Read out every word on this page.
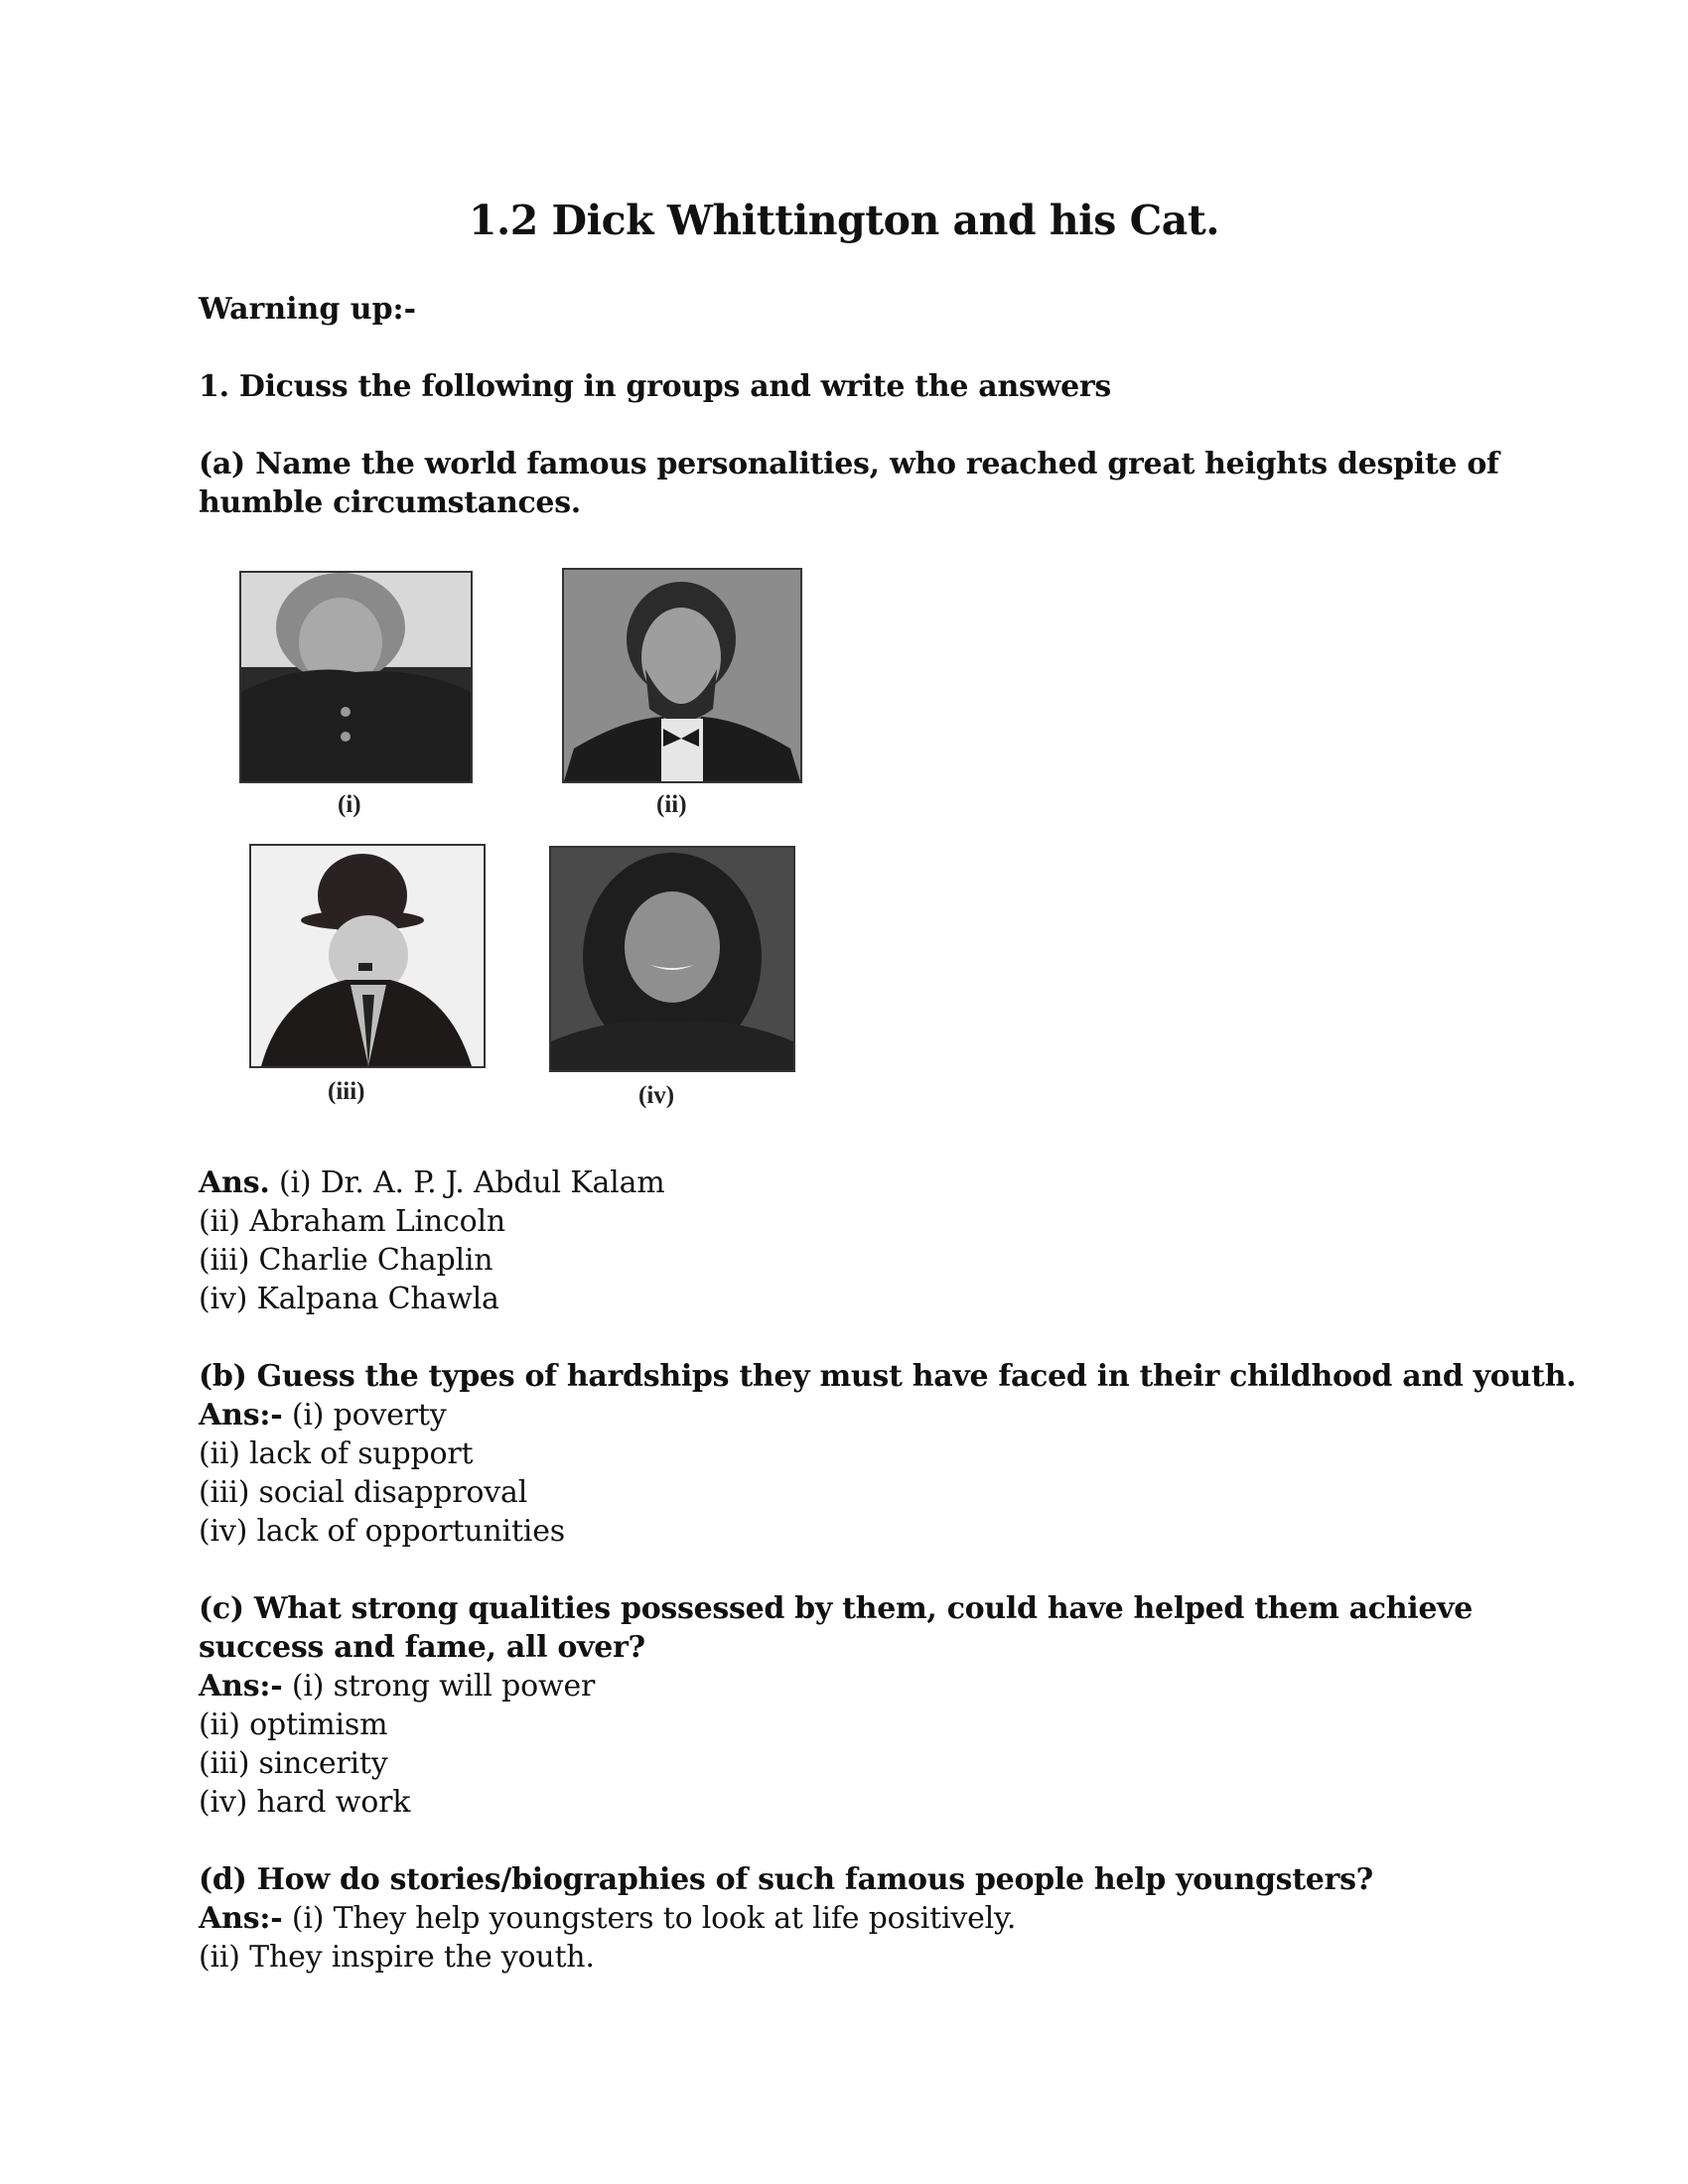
1.2 Dick Whittington and his Cat.
Warning up:-
1. Dicuss the following in groups and write the answers
(a) Name the world famous personalities, who reached great heights despite of
humble circumstances.
(i)	(ii)
(iii)	(iv)
Ans. (i) Dr. A. P. J. Abdul Kalam
(ii) Abraham Lincoln
(iii) Charlie Chaplin
(iv) Kalpana Chawla
(b) Guess the types of hardships they must have faced in their childhood and youth.
Ans:- (i) poverty
(ii) lack of support
(iii) social disapproval
(iv) lack of opportunities
(c) What strong qualities possessed by them, could have helped them achieve
success and fame, all over?
Ans:- (i) strong will power
(ii) optimism
(iii) sincerity
(iv) hard work
(d) How do stories/biographies of such famous people help youngsters?
Ans:- (i) They help youngsters to look at life positively.
(ii) They inspire the youth.
